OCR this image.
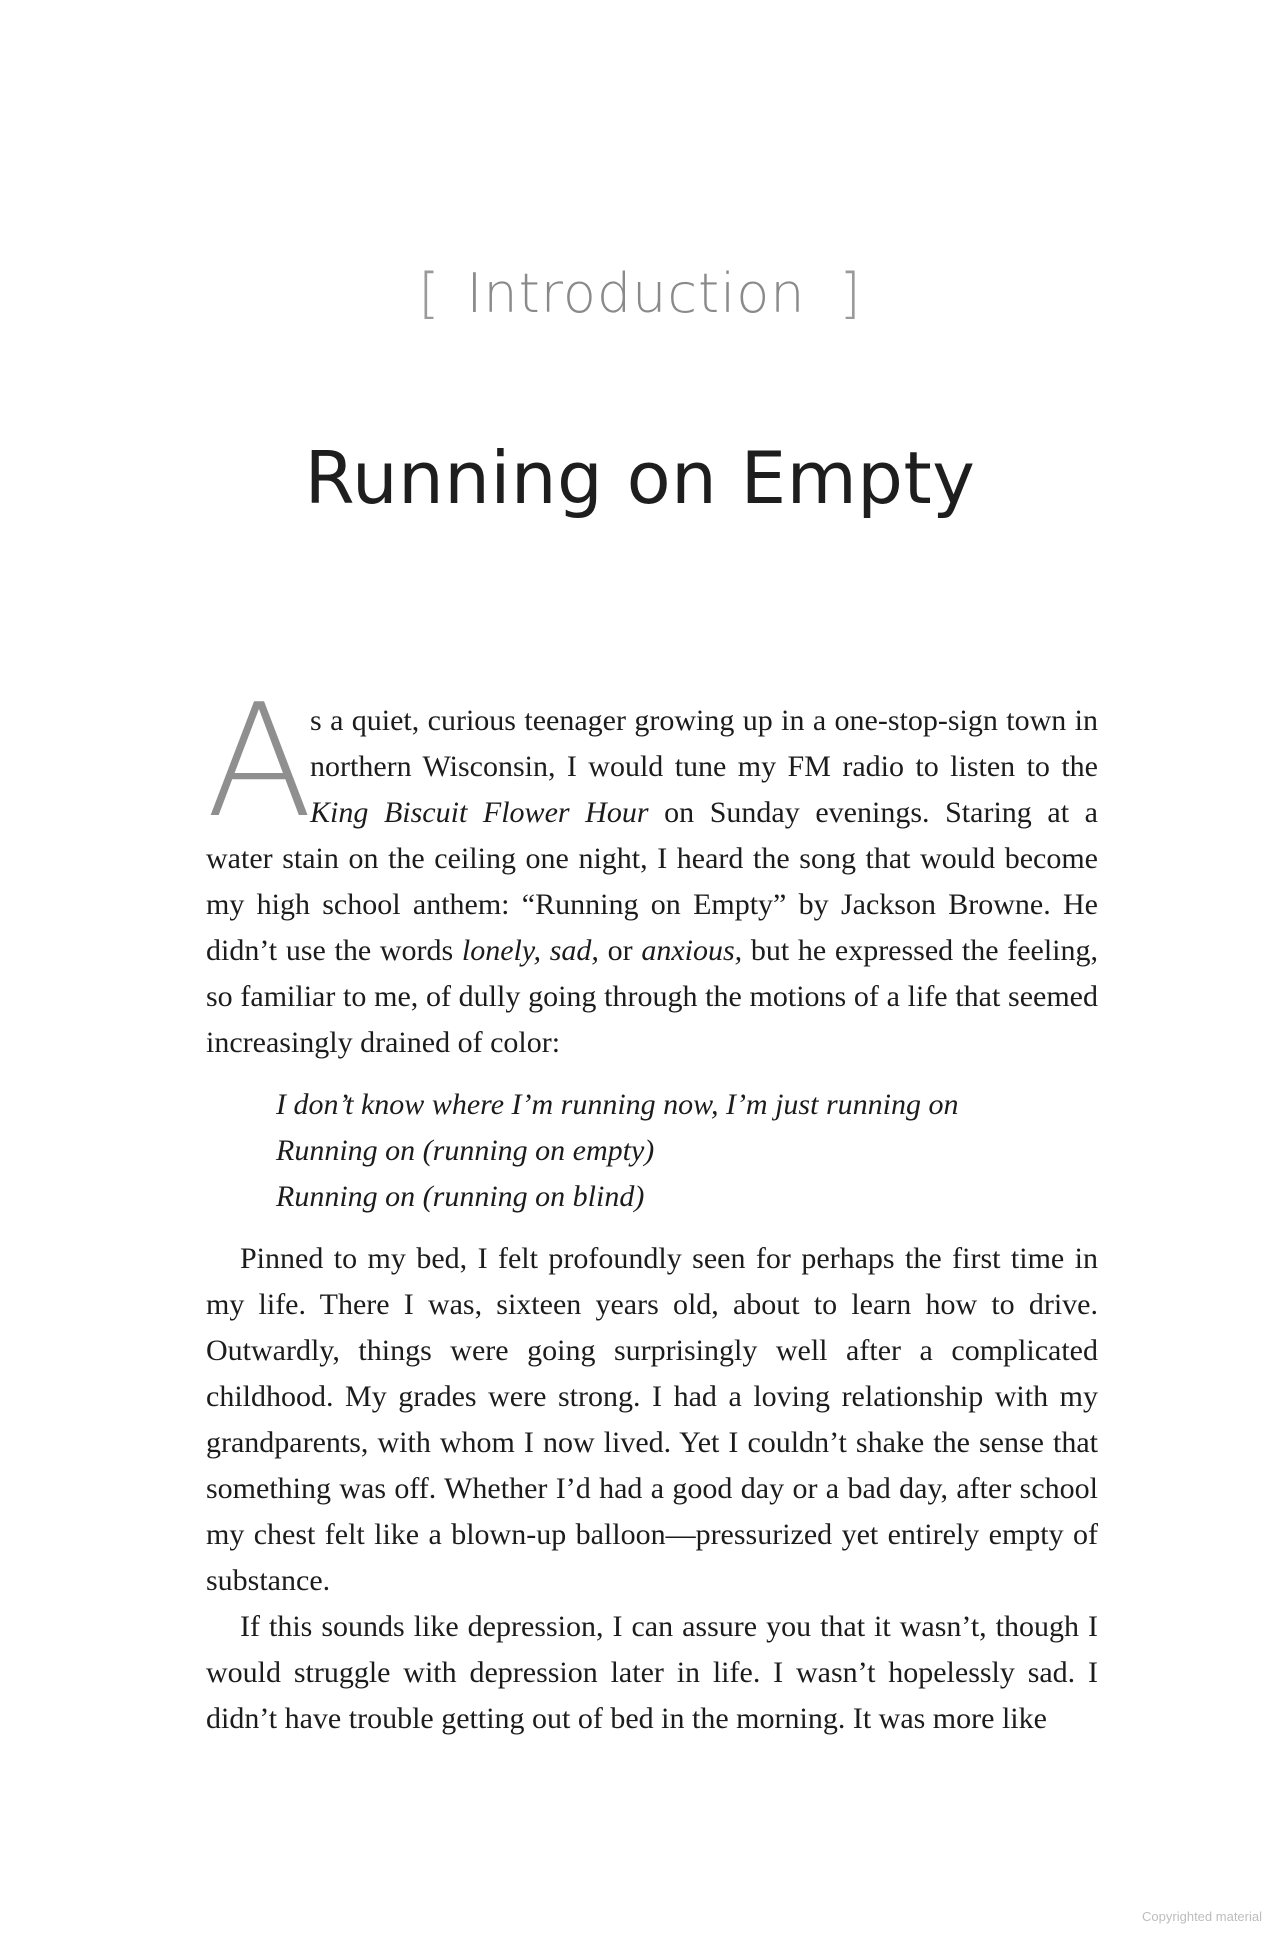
[ Introduction ]
Running on Empty

A
s a quiet, curious teenager growing up in a one-stop-sign town in northern Wisconsin, I would tune my FM radio to listen to the King Biscuit Flower Hour on Sunday evenings. Staring at a water stain on the ceiling one night, I heard the song that would become my high school anthem: “Running on Empty” by Jackson Browne. He didn’t use the words lonely, sad, or anxious, but he expressed the feeling, so familiar to me, of dully going through the motions of a life that seemed increasingly drained of color:

I don’t know where I’m running now, I’m just running on
Running on (running on empty)
Running on (running on blind)

Pinned to my bed, I felt profoundly seen for perhaps the first time in my life. There I was, sixteen years old, about to learn how to drive. Outwardly, things were going surprisingly well after a complicated childhood. My grades were strong. I had a loving relationship with my grandparents, with whom I now lived. Yet I couldn’t shake the sense that something was off. Whether I’d had a good day or a bad day, after school my chest felt like a blown-up balloon—pressurized yet entirely empty of substance.

If this sounds like depression, I can assure you that it wasn’t, though I would struggle with depression later in life. I wasn’t hopelessly sad. I didn’t have trouble getting out of bed in the morning. It was more like

Copyrighted material
